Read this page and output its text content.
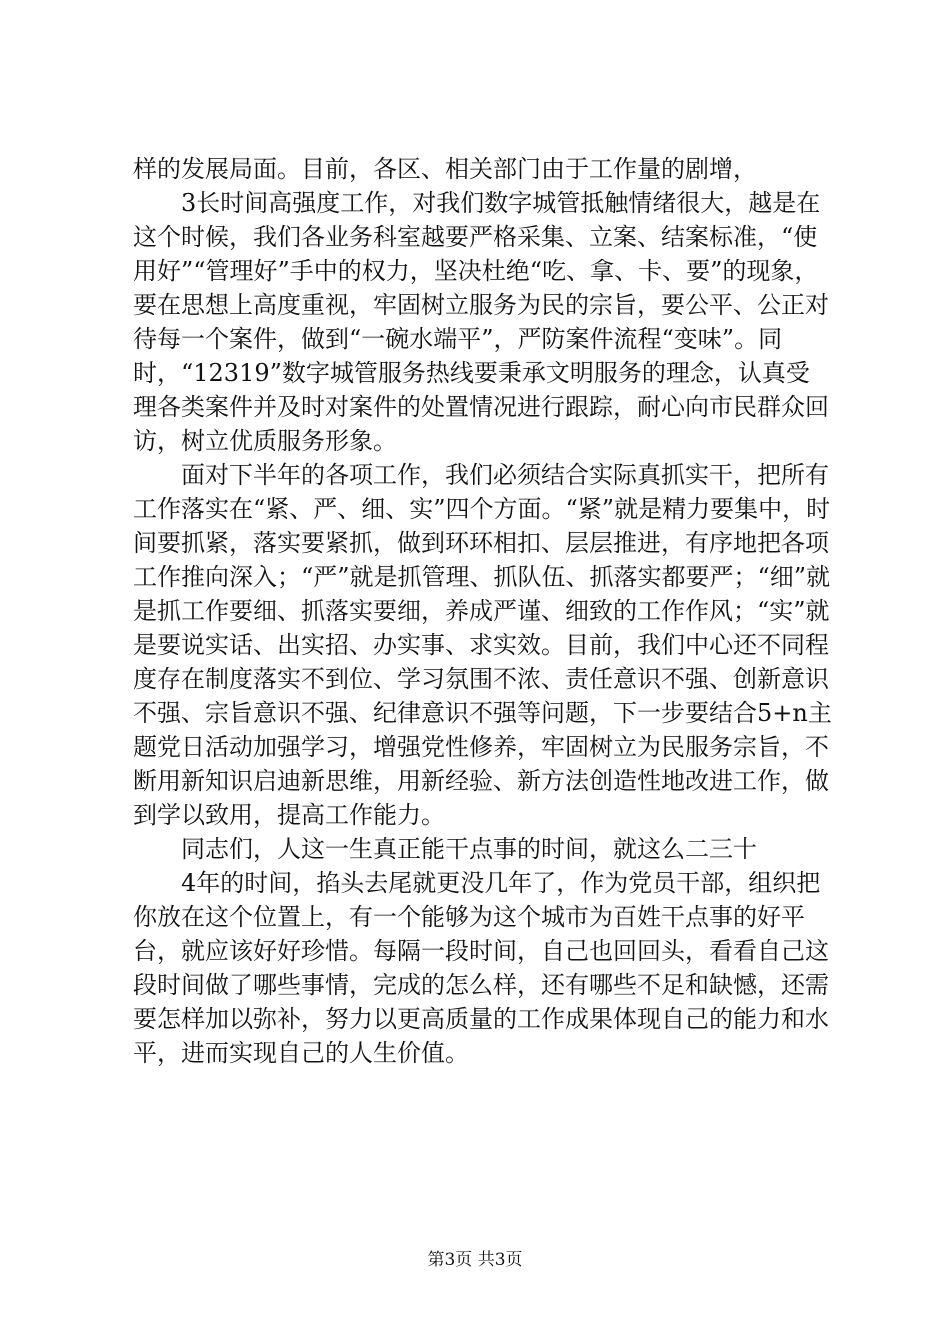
样的发展局面。目前，各区、相关部门由于工作量的剧增，

3长时间高强度工作，对我们数字城管抵触情绪很大，越是在这个时候，我们各业务科室越要严格采集、立案、结案标准，“使用好”“管理好”手中的权力，坚决杜绝“吃、拿、卡、要”的现象，要在思想上高度重视，牢固树立服务为民的宗旨，要公平、公正对待每一个案件，做到“一碗水端平”，严防案件流程“变味”。同时，“12319”数字城管服务热线要秉承文明服务的理念，认真受理各类案件并及时对案件的处置情况进行跟踪，耐心向市民群众回访，树立优质服务形象。

面对下半年的各项工作，我们必须结合实际真抓实干，把所有工作落实在“紧、严、细、实”四个方面。“紧”就是精力要集中，时间要抓紧，落实要紧抓，做到环环相扣、层层推进，有序地把各项工作推向深入；“严”就是抓管理、抓队伍、抓落实都要严；“细”就是抓工作要细、抓落实要细，养成严谨、细致的工作作风；“实”就是要说实话、出实招、办实事、求实效。目前，我们中心还不同程度存在制度落实不到位、学习氛围不浓、责任意识不强、创新意识不强、宗旨意识不强、纪律意识不强等问题，下一步要结合5+n主题党日活动加强学习，增强党性修养，牢固树立为民服务宗旨，不断用新知识启迪新思维，用新经验、新方法创造性地改进工作，做到学以致用，提高工作能力。

同志们，人这一生真正能干点事的时间，就这么二三十

4年的时间，掐头去尾就更没几年了，作为党员干部，组织把你放在这个位置上，有一个能够为这个城市为百姓干点事的好平台，就应该好好珍惜。每隔一段时间，自己也回回头，看看自己这段时间做了哪些事情，完成的怎么样，还有哪些不足和缺憾，还需要怎样加以弥补，努力以更高质量的工作成果体现自己的能力和水平，进而实现自己的人生价值。

第3页 共3页
